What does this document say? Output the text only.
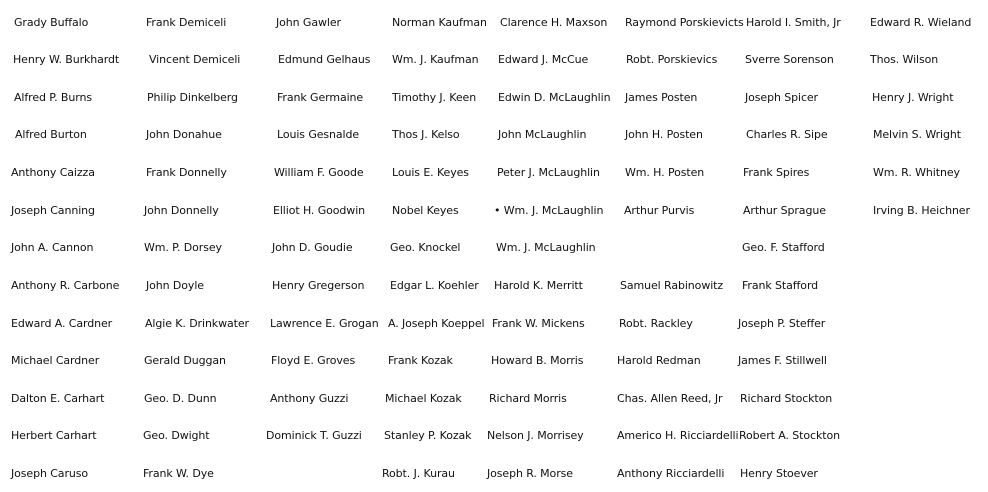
Grady Buffalo
Henry W. Burkhardt
Alfred P. Burns
Alfred Burton
Anthony Caizza
Joseph Canning
John A. Cannon
Anthony R. Carbone
Edward A. Cardner
Michael Cardner
Dalton E. Carhart
Herbert Carhart
Joseph Caruso
Frank Demiceli
Vincent Demiceli
Philip Dinkelberg
John Donahue
Frank Donnelly
John Donnelly
Wm. P. Dorsey
John Doyle
Algie K. Drinkwater
Gerald Duggan
Geo. D. Dunn
Geo. Dwight
Frank W. Dye
John Gawler
Edmund Gelhaus
Frank Germaine
Louis Gesnalde
William F. Goode
Elliot H. Goodwin
John D. Goudie
Henry Gregerson
Lawrence E. Grogan
Floyd E. Groves
Anthony Guzzi
Dominick T. Guzzi
Norman Kaufman
Wm. J. Kaufman
Timothy J. Keen
Thos J. Kelso
Louis E. Keyes
Nobel Keyes
Geo. Knockel
Edgar L. Koehler
A. Joseph Koeppel
Frank Kozak
Michael Kozak
Stanley P. Kozak
Robt. J. Kurau
Clarence H. Maxson
Edward J. McCue
Edwin D. McLaughlin
John McLaughlin
Peter J. McLaughlin
• Wm. J. McLaughlin
Wm. J. McLaughlin
Harold K. Merritt
Frank W. Mickens
Howard B. Morris
Richard Morris
Nelson J. Morrisey
Joseph R. Morse
Raymond Porskievicts
Robt. Porskievics
James Posten
John H. Posten
Wm. H. Posten
Arthur Purvis
Samuel Rabinowitz
Robt. Rackley
Harold Redman
Chas. Allen Reed, Jr
Americo H. Ricciardelli
Anthony Ricciardelli
Harold I. Smith, Jr
Sverre Sorenson
Joseph Spicer
Charles R. Sipe
Frank Spires
Arthur Sprague
Geo. F. Stafford
Frank Stafford
Joseph P. Steffer
James F. Stillwell
Richard Stockton
Robert A. Stockton
Henry Stoever
Edward R. Wieland
Thos. Wilson
Henry J. Wright
Melvin S. Wright
Wm. R. Whitney
Irving B. Heichner
